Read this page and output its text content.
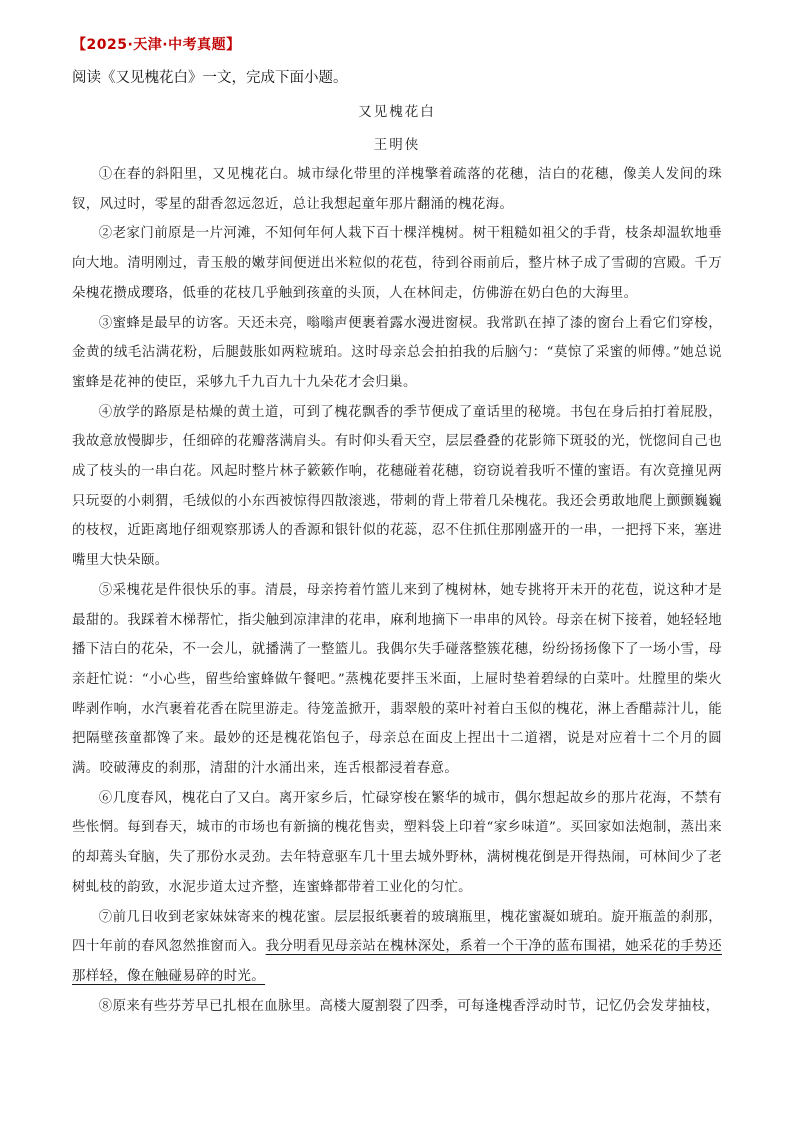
【2025·天津·中考真题】
阅读《又见槐花白》一文，完成下面小题。
又见槐花白
王明侠

①在春的斜阳里，又见槐花白。城市绿化带里的洋槐擎着疏落的花穗，洁白的花穗，像美人发间的珠钗，风过时，零星的甜香忽远忽近，总让我想起童年那片翻涌的槐花海。

②老家门前原是一片河滩，不知何年何人栽下百十棵洋槐树。树干粗糙如祖父的手背，枝条却温软地垂向大地。清明刚过，青玉般的嫩芽间便迸出米粒似的花苞，待到谷雨前后，整片林子成了雪砌的宫殿。千万朵槐花攒成璎珞，低垂的花枝几乎触到孩童的头顶，人在林间走，仿佛游在奶白色的大海里。

③蜜蜂是最早的访客。天还未亮，嗡嗡声便裹着露水漫进窗棂。我常趴在掉了漆的窗台上看它们穿梭，金黄的绒毛沾满花粉，后腿鼓胀如两粒琥珀。这时母亲总会拍拍我的后脑勺：“莫惊了采蜜的师傅。”她总说蜜蜂是花神的使臣，采够九千九百九十九朵花才会归巢。

④放学的路原是枯燥的黄土道，可到了槐花飘香的季节便成了童话里的秘境。书包在身后拍打着屁股，我故意放慢脚步，任细碎的花瓣落满肩头。有时仰头看天空，层层叠叠的花影筛下斑驳的光，恍惚间自己也成了枝头的一串白花。风起时整片林子簌簌作响，花穗碰着花穗，窃窃说着我听不懂的蜜语。有次竟撞见两只玩耍的小刺猬，毛绒似的小东西被惊得四散滚逃，带刺的背上带着几朵槐花。我还会勇敢地爬上颤颤巍巍的枝杈，近距离地仔细观察那诱人的香源和银针似的花蕊，忍不住抓住那刚盛开的一串，一把捋下来，塞进嘴里大快朵颐。

⑤采槐花是件很快乐的事。清晨，母亲挎着竹篮儿来到了槐树林，她专挑将开未开的花苞，说这种才是最甜的。我踩着木梯帮忙，指尖触到凉津津的花串，麻利地摘下一串串的风铃。母亲在树下接着，她轻轻地播下洁白的花朵，不一会儿，就播满了一整篮儿。我偶尔失手碰落整簇花穗，纷纷扬扬像下了一场小雪，母亲赶忙说：“小心些，留些给蜜蜂做午餐吧。”蒸槐花要拌玉米面，上屉时垫着碧绿的白菜叶。灶膛里的柴火哔剥作响，水汽裹着花香在院里游走。待笼盖掀开，翡翠般的菜叶衬着白玉似的槐花，淋上香醋蒜汁儿，能把隔壁孩童都馋了来。最妙的还是槐花馅包子，母亲总在面皮上捏出十二道褶，说是对应着十二个月的圆满。咬破薄皮的刹那，清甜的汁水涌出来，连舌根都浸着春意。

⑥几度春风，槐花白了又白。离开家乡后，忙碌穿梭在繁华的城市，偶尔想起故乡的那片花海，不禁有些怅惘。每到春天，城市的市场也有新摘的槐花售卖，塑料袋上印着“家乡味道”。买回家如法炮制，蒸出来的却蔫头耷脑，失了那份水灵劲。去年特意驱车几十里去城外野林，满树槐花倒是开得热闹，可林间少了老树虬枝的韵致，水泥步道太过齐整，连蜜蜂都带着工业化的匀忙。

⑦前几日收到老家妹妹寄来的槐花蜜。层层报纸裹着的玻璃瓶里，槐花蜜凝如琥珀。旋开瓶盖的刹那，四十年前的春风忽然推窗而入。我分明看见母亲站在槐林深处，系着一个干净的蓝布围裙，她采花的手势还那样轻，像在触碰易碎的时光。

⑧原来有些芬芳早已扎根在血脉里。高楼大厦割裂了四季，可每逢槐香浮动时节，记忆仍会发芽抽枝，
